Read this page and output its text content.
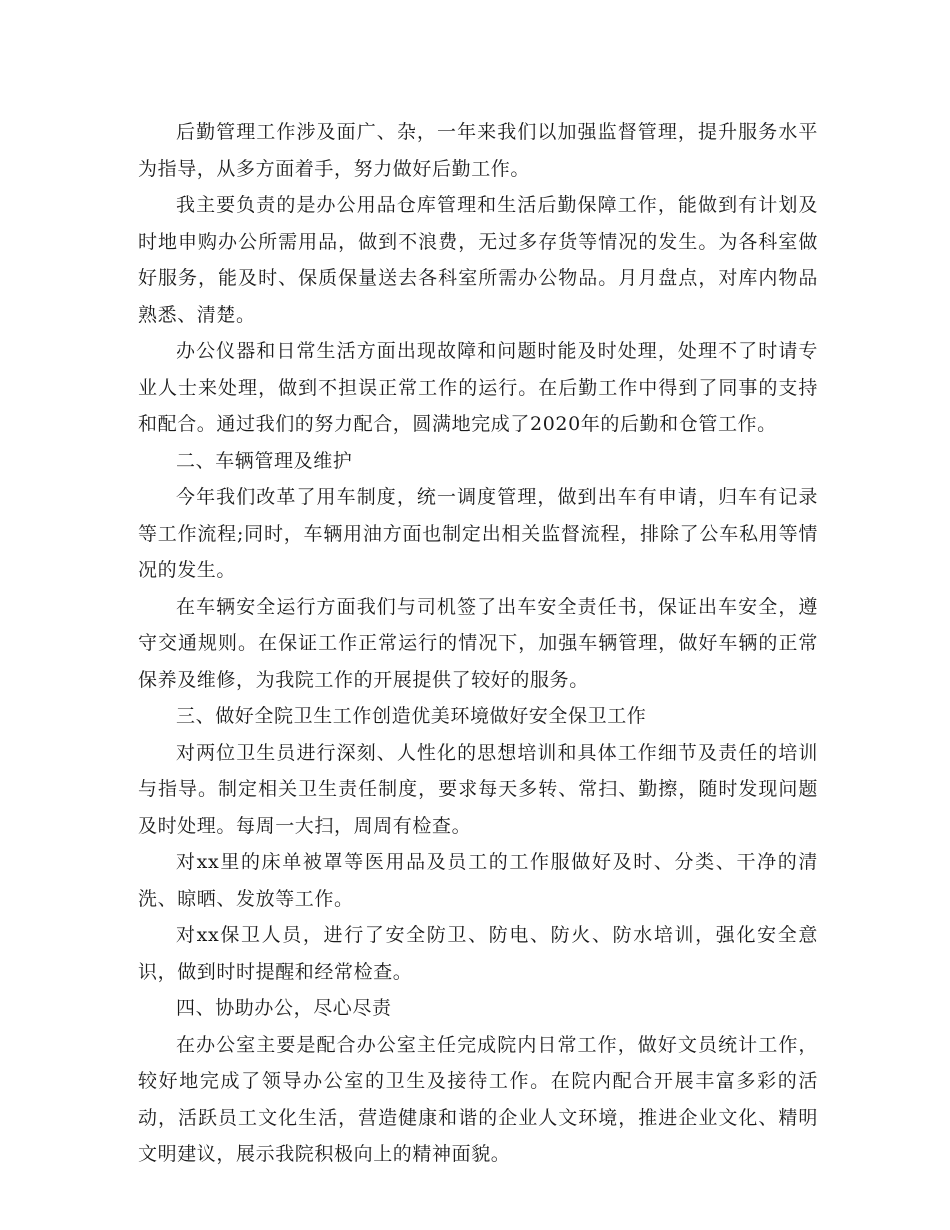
后勤管理工作涉及面广、杂，一年来我们以加强监督管理，提升服务水平为指导，从多方面着手，努力做好后勤工作。

我主要负责的是办公用品仓库管理和生活后勤保障工作，能做到有计划及时地申购办公所需用品，做到不浪费，无过多存货等情况的发生。为各科室做好服务，能及时、保质保量送去各科室所需办公物品。月月盘点，对库内物品熟悉、清楚。

办公仪器和日常生活方面出现故障和问题时能及时处理，处理不了时请专业人士来处理，做到不担误正常工作的运行。在后勤工作中得到了同事的支持和配合。通过我们的努力配合，圆满地完成了2020年的后勤和仓管工作。

二、车辆管理及维护

今年我们改革了用车制度，统一调度管理，做到出车有申请，归车有记录等工作流程;同时，车辆用油方面也制定出相关监督流程，排除了公车私用等情况的发生。

在车辆安全运行方面我们与司机签了出车安全责任书，保证出车安全，遵守交通规则。在保证工作正常运行的情况下，加强车辆管理，做好车辆的正常保养及维修，为我院工作的开展提供了较好的服务。

三、做好全院卫生工作创造优美环境做好安全保卫工作

对两位卫生员进行深刻、人性化的思想培训和具体工作细节及责任的培训与指导。制定相关卫生责任制度，要求每天多转、常扫、勤擦，随时发现问题及时处理。每周一大扫，周周有检查。

对xx里的床单被罩等医用品及员工的工作服做好及时、分类、干净的清洗、晾晒、发放等工作。

对xx保卫人员，进行了安全防卫、防电、防火、防水培训，强化安全意识，做到时时提醒和经常检查。

四、协助办公，尽心尽责

在办公室主要是配合办公室主任完成院内日常工作，做好文员统计工作，较好地完成了领导办公室的卫生及接待工作。在院内配合开展丰富多彩的活动，活跃员工文化生活，营造健康和谐的企业人文环境，推进企业文化、精明文明建议，展示我院积极向上的精神面貌。
